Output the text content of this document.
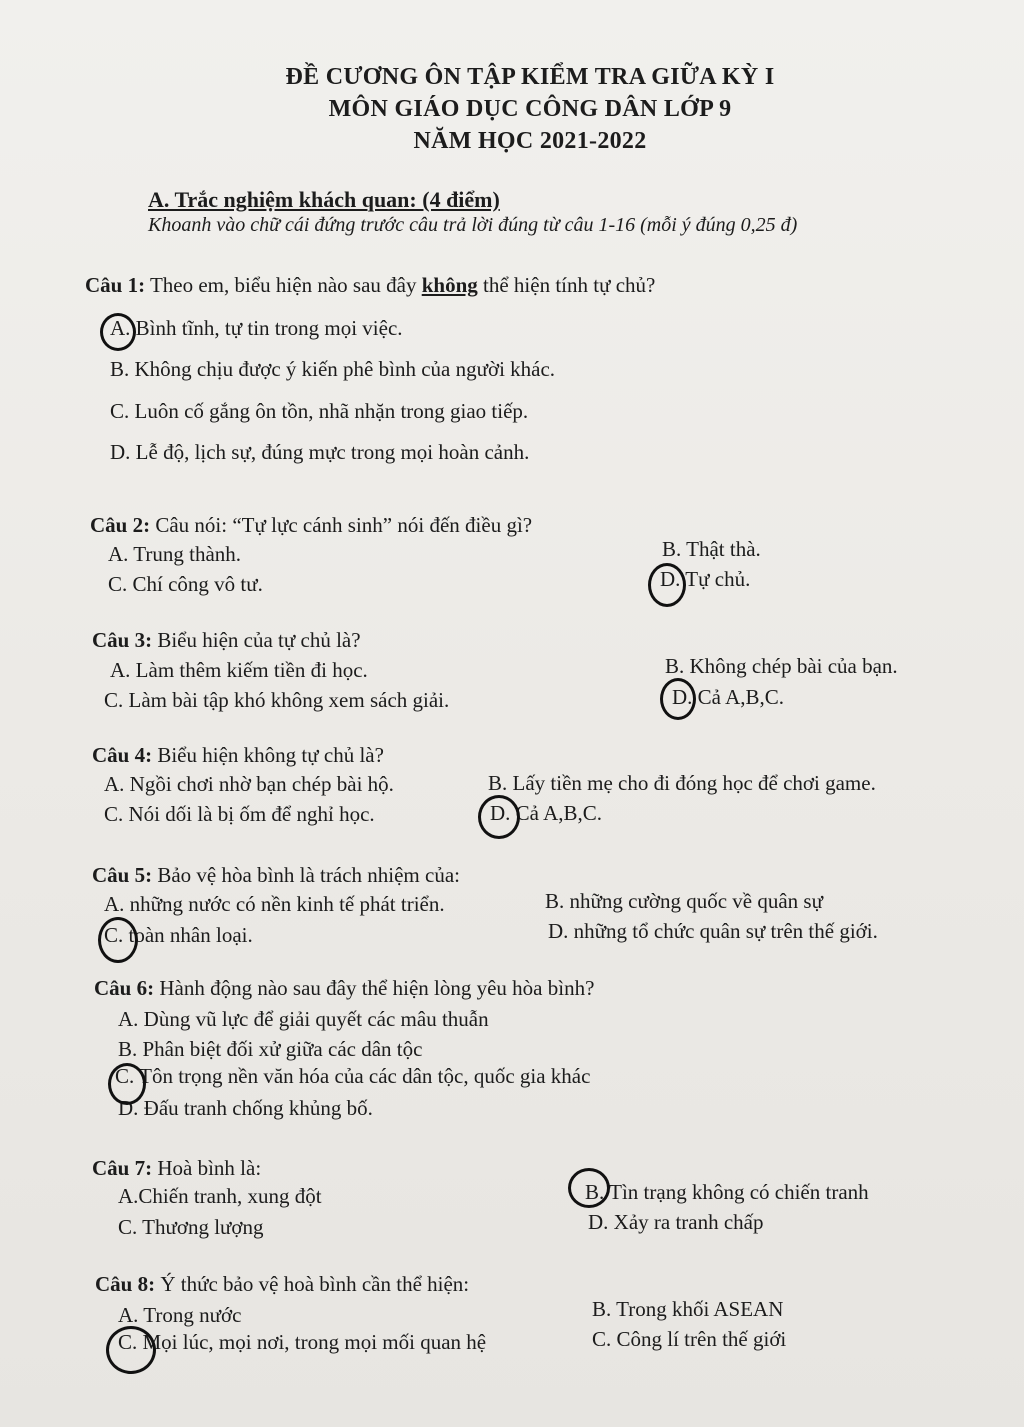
ĐỀ CƯƠNG ÔN TẬP KIỂM TRA GIỮA KỲ I
MÔN GIÁO DỤC CÔNG DÂN LỚP 9
NĂM HỌC 2021-2022
A. Trắc nghiệm khách quan: (4 điểm)
Khoanh vào chữ cái đứng trước câu trả lời đúng từ câu 1-16 (mỗi ý đúng 0,25 đ)
Câu 1: Theo em, biểu hiện nào sau đây không thể hiện tính tự chủ?
A. Bình tĩnh, tự tin trong mọi việc.
B. Không chịu được ý kiến phê bình của người khác.
C. Luôn cố gắng ôn tồn, nhã nhặn trong giao tiếp.
D. Lễ độ, lịch sự, đúng mực trong mọi hoàn cảnh.
Câu 2: Câu nói: “Tự lực cánh sinh” nói đến điều gì?
A. Trung thành.	B. Thật thà.
C. Chí công vô tư.	D. Tự chủ.
Câu 3: Biểu hiện của tự chủ là?
A. Làm thêm kiếm tiền đi học.	B. Không chép bài của bạn.
C. Làm bài tập khó không xem sách giải.	D. Cả A,B,C.
Câu 4: Biểu hiện không tự chủ là?
A. Ngồi chơi nhờ bạn chép bài hộ.	B. Lấy tiền mẹ cho đi đóng học để chơi game.
C. Nói dối là bị ốm để nghỉ học.	D. Cả A,B,C.
Câu 5: Bảo vệ hòa bình là trách nhiệm của:
A. những nước có nền kinh tế phát triển.	B. những cường quốc về quân sự
C. toàn nhân loại.	D. những tổ chức quân sự trên thế giới.
Câu 6: Hành động nào sau đây thể hiện lòng yêu hòa bình?
A. Dùng vũ lực để giải quyết các mâu thuẫn
B. Phân biệt đối xử giữa các dân tộc
C. Tôn trọng nền văn hóa của các dân tộc, quốc gia khác
D. Đấu tranh chống khủng bố.
Câu 7: Hoà bình là:
A.Chiến tranh, xung đột	B. Tìn trạng không có chiến tranh
C. Thương lượng	D. Xảy ra tranh chấp
Câu 8: Ý thức bảo vệ hoà bình cần thể hiện:
A. Trong nước	B. Trong khối ASEAN
C. Mọi lúc, mọi nơi, trong mọi mối quan hệ	C. Công lí trên thế giới
